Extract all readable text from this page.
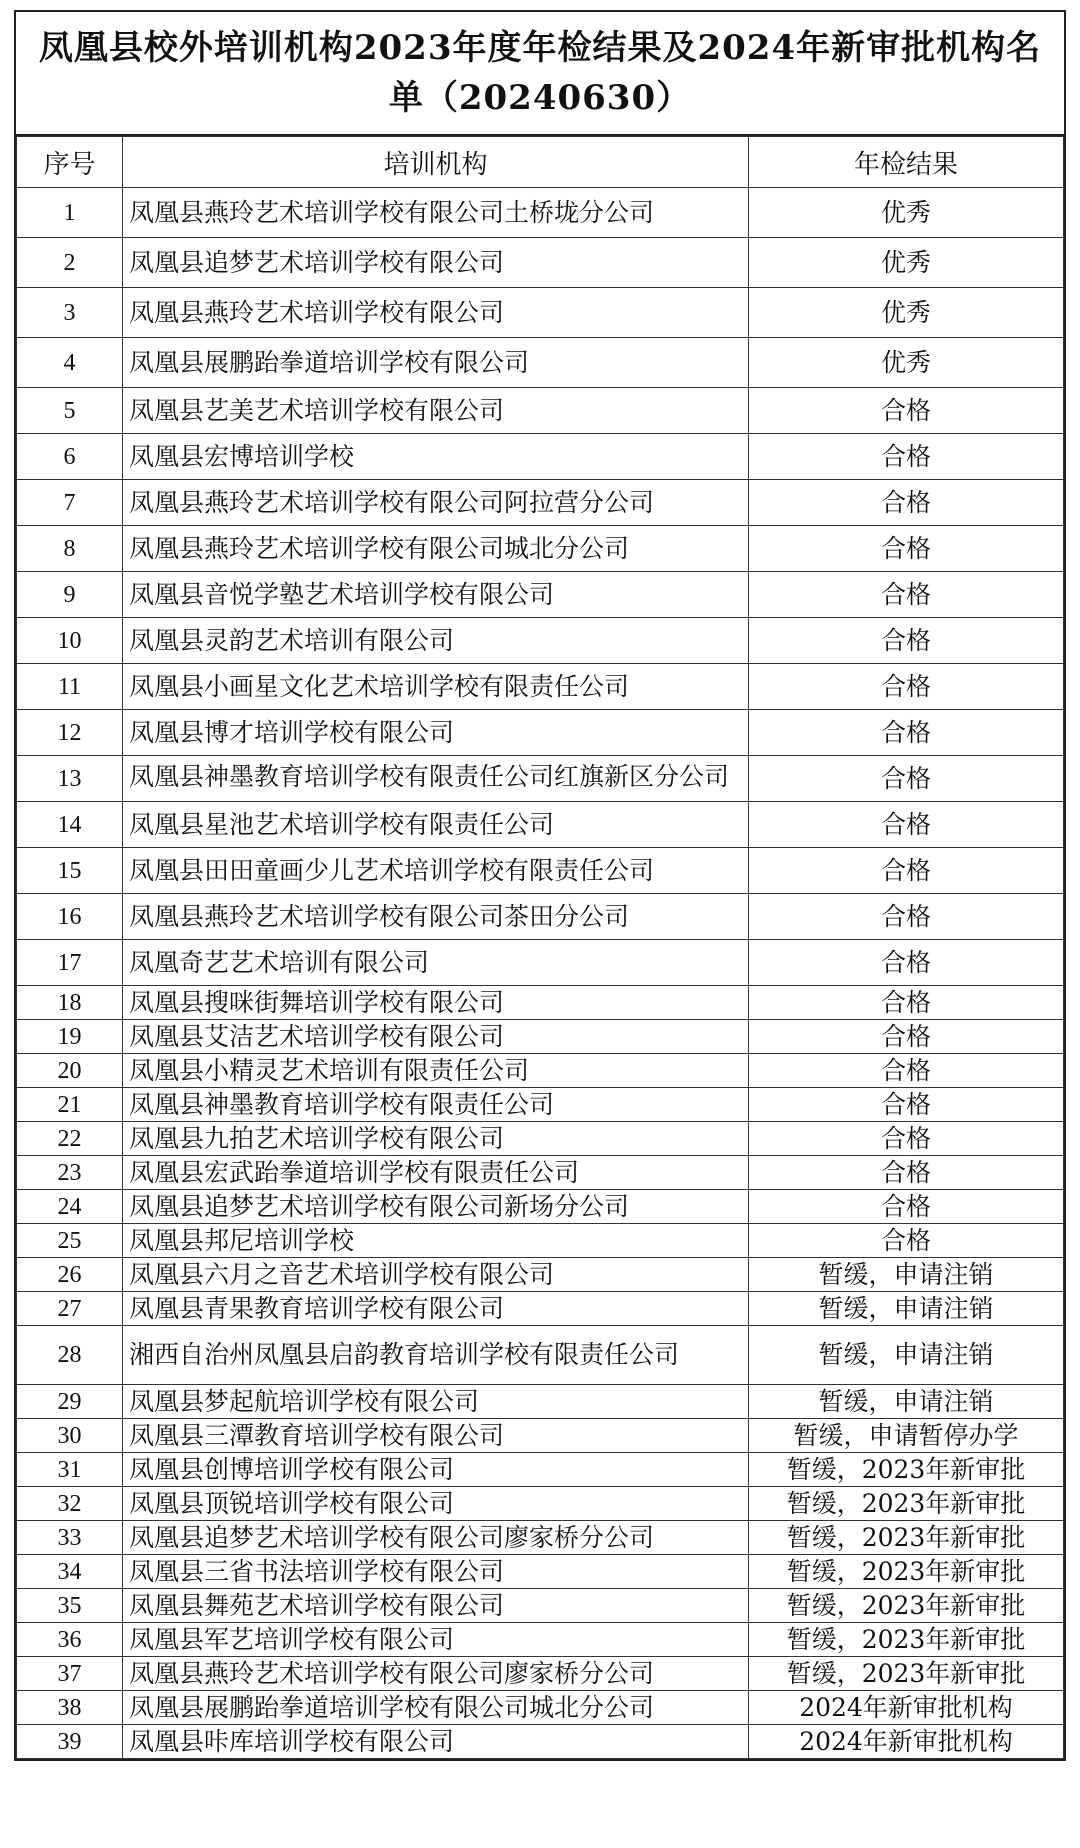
凤凰县校外培训机构2023年度年检结果及2024年新审批机构名单（20240630）
序号	培训机构	年检结果
1	凤凰县燕玲艺术培训学校有限公司土桥垅分公司	优秀
2	凤凰县追梦艺术培训学校有限公司	优秀
3	凤凰县燕玲艺术培训学校有限公司	优秀
4	凤凰县展鹏跆拳道培训学校有限公司	优秀
5	凤凰县艺美艺术培训学校有限公司	合格
6	凤凰县宏博培训学校	合格
7	凤凰县燕玲艺术培训学校有限公司阿拉营分公司	合格
8	凤凰县燕玲艺术培训学校有限公司城北分公司	合格
9	凤凰县音悦学塾艺术培训学校有限公司	合格
10	凤凰县灵韵艺术培训有限公司	合格
11	凤凰县小画星文化艺术培训学校有限责任公司	合格
12	凤凰县博才培训学校有限公司	合格
13	凤凰县神墨教育培训学校有限责任公司红旗新区分公司	合格
14	凤凰县星池艺术培训学校有限责任公司	合格
15	凤凰县田田童画少儿艺术培训学校有限责任公司	合格
16	凤凰县燕玲艺术培训学校有限公司茶田分公司	合格
17	凤凰奇艺艺术培训有限公司	合格
18	凤凰县搜咪街舞培训学校有限公司	合格
19	凤凰县艾洁艺术培训学校有限公司	合格
20	凤凰县小精灵艺术培训有限责任公司	合格
21	凤凰县神墨教育培训学校有限责任公司	合格
22	凤凰县九拍艺术培训学校有限公司	合格
23	凤凰县宏武跆拳道培训学校有限责任公司	合格
24	凤凰县追梦艺术培训学校有限公司新场分公司	合格
25	凤凰县邦尼培训学校	合格
26	凤凰县六月之音艺术培训学校有限公司	暂缓，申请注销
27	凤凰县青果教育培训学校有限公司	暂缓，申请注销
28	湘西自治州凤凰县启韵教育培训学校有限责任公司	暂缓，申请注销
29	凤凰县梦起航培训学校有限公司	暂缓，申请注销
30	凤凰县三潭教育培训学校有限公司	暂缓，申请暂停办学
31	凤凰县创博培训学校有限公司	暂缓，2023年新审批
32	凤凰县顶锐培训学校有限公司	暂缓，2023年新审批
33	凤凰县追梦艺术培训学校有限公司廖家桥分公司	暂缓，2023年新审批
34	凤凰县三省书法培训学校有限公司	暂缓，2023年新审批
35	凤凰县舞苑艺术培训学校有限公司	暂缓，2023年新审批
36	凤凰县军艺培训学校有限公司	暂缓，2023年新审批
37	凤凰县燕玲艺术培训学校有限公司廖家桥分公司	暂缓，2023年新审批
38	凤凰县展鹏跆拳道培训学校有限公司城北分公司	2024年新审批机构
39	凤凰县咔库培训学校有限公司	2024年新审批机构
